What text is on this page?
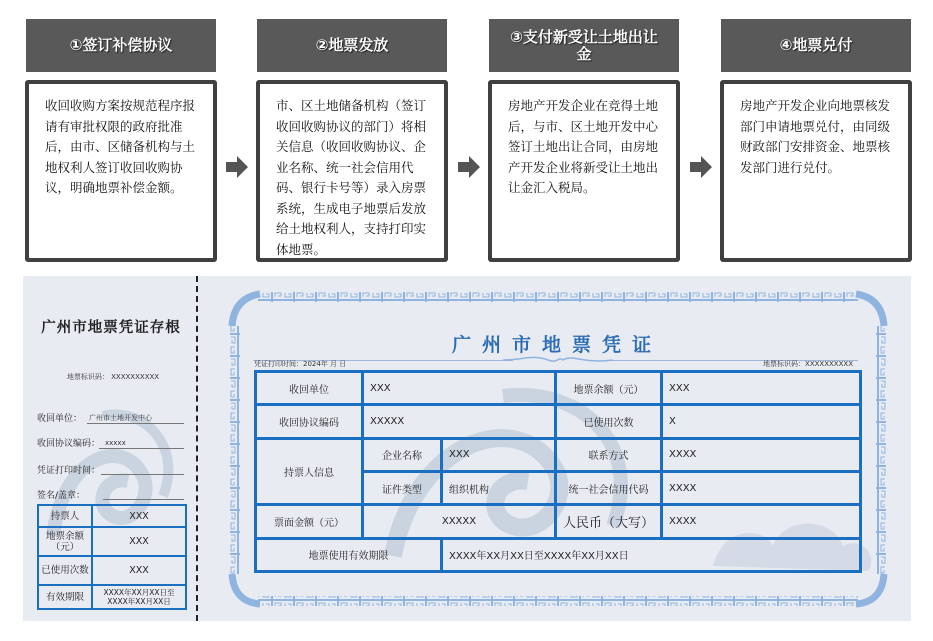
①签订补偿协议
收回收购方案按规范程序报请有审批权限的政府批准后，由市、区储备机构与土地权利人签订收回收购协议，明确地票补偿金额。
②地票发放
市、区土地储备机构（签订收回收购协议的部门）将相关信息（收回收购协议、企业名称、统一社会信用代码、银行卡号等）录入房票系统，生成电子地票后发放给土地权利人，支持打印实体地票。
③支付新受让土地出让金
房地产开发企业在竞得土地后，与市、区土地开发中心签订土地出让合同，由房地产开发企业将新受让土地出让金汇入税局。
④地票兑付
房地产开发企业向地票核发部门申请地票兑付，由同级财政部门安排资金、地票核发部门进行兑付。
广州市地票凭证存根
地票标识码： XXXXXXXXXX
收回单位： 广州市土地开发中心
收回协议编码： xxxxx
凭证打印时间：
签名/盖章：
持票人	XXX
地票余额（元）	XXX
已使用次数	XXX
有效期限	XXXX年XX月XX日至XXXX年XX月XX日
广州市地票凭证
凭证打印时间：2024年 月 日	地票标识码：XXXXXXXXXX
收回单位	XXX		地票余额（元）	XXX
收回协议编码	XXXXX		已使用次数	X
持票人信息	企业名称	XXX	联系方式	XXXX
	证件类型	组织机构	统一社会信用代码	XXXX
票面金额（元）	XXXXX		人民币（大写）	XXXX
地票使用有效期限		XXXX年XX月XX日至XXXX年XX月XX日		
